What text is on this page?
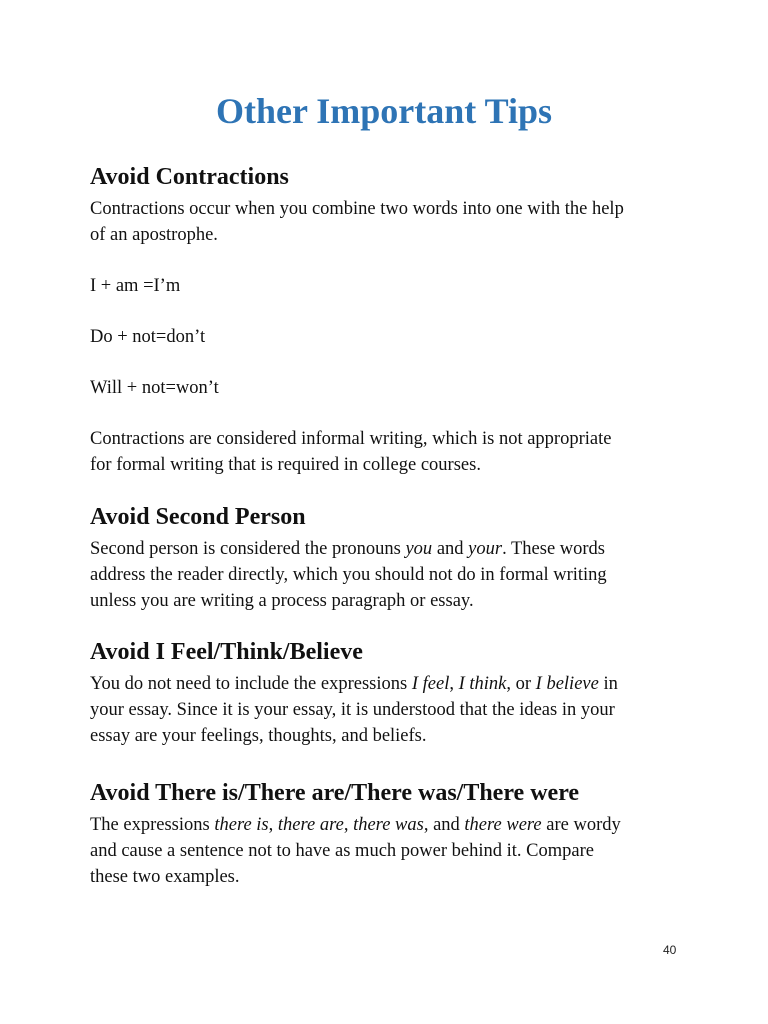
Other Important Tips
Avoid Contractions

Contractions occur when you combine two words into one with the help
of an apostrophe.

I + am =I’m

Do + not=don’t

Will + not=won’t

Contractions are considered informal writing, which is not appropriate
for formal writing that is required in college courses.

Avoid Second Person

Second person is considered the pronouns you and your. These words
address the reader directly, which you should not do in formal writing
unless you are writing a process paragraph or essay.

Avoid I Feel/Think/Believe

You do not need to include the expressions I feel, I think, or I believe in
your essay. Since it is your essay, it is understood that the ideas in your
essay are your feelings, thoughts, and beliefs.

Avoid There is/There are/There was/There were

The expressions there is, there are, there was, and there were are wordy
and cause a sentence not to have as much power behind it. Compare
these two examples.

40
